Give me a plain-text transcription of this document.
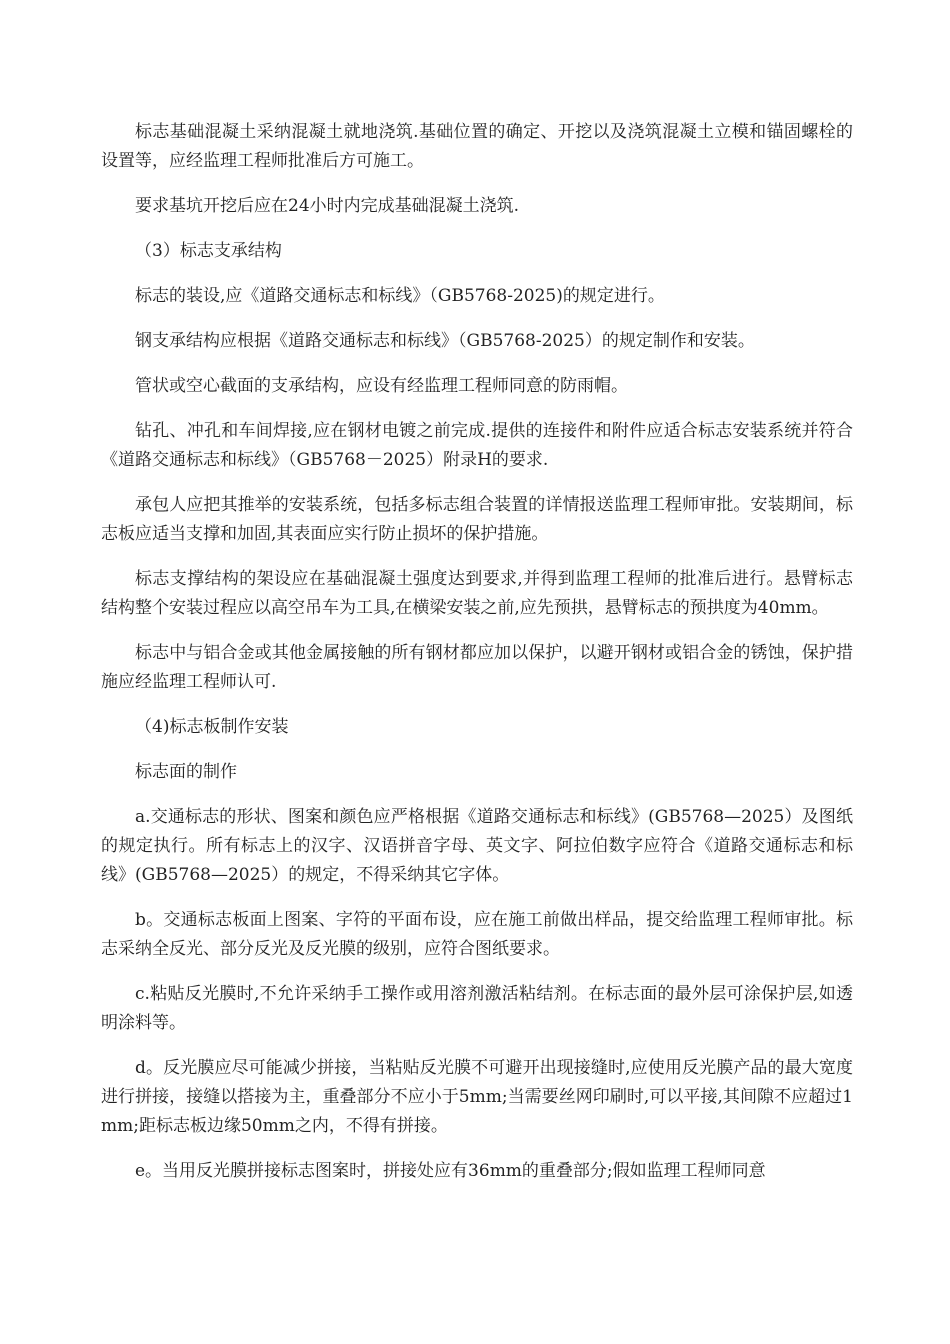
标志基础混凝土采纳混凝土就地浇筑.基础位置的确定、开挖以及浇筑混凝土立模和锚固螺栓的设置等，应经监理工程师批准后方可施工。

要求基坑开挖后应在24小时内完成基础混凝土浇筑.

（3）标志支承结构

标志的装设,应《道路交通标志和标线》（GB5768-2025)的规定进行。

钢支承结构应根据《道路交通标志和标线》（GB5768-2025）的规定制作和安装。

管状或空心截面的支承结构，应设有经监理工程师同意的防雨帽。

钻孔、冲孔和车间焊接,应在钢材电镀之前完成.提供的连接件和附件应适合标志安装系统并符合《道路交通标志和标线》（GB5768－2025）附录H的要求.

承包人应把其推举的安装系统，包括多标志组合装置的详情报送监理工程师审批。安装期间，标志板应适当支撑和加固,其表面应实行防止损坏的保护措施。

标志支撑结构的架设应在基础混凝土强度达到要求,并得到监理工程师的批准后进行。悬臂标志结构整个安装过程应以高空吊车为工具,在横梁安装之前,应先预拱，悬臂标志的预拱度为40mm。

标志中与铝合金或其他金属接触的所有钢材都应加以保护，以避开钢材或铝合金的锈蚀，保护措施应经监理工程师认可.

（4)标志板制作安装

标志面的制作

a.交通标志的形状、图案和颜色应严格根据《道路交通标志和标线》(GB5768—2025）及图纸的规定执行。所有标志上的汉字、汉语拼音字母、英文字、阿拉伯数字应符合《道路交通标志和标线》(GB5768—2025）的规定，不得采纳其它字体。

b。交通标志板面上图案、字符的平面布设，应在施工前做出样品，提交给监理工程师审批。标志采纳全反光、部分反光及反光膜的级别，应符合图纸要求。

c.粘贴反光膜时,不允许采纳手工操作或用溶剂激活粘结剂。在标志面的最外层可涂保护层,如透明涂料等。

d。反光膜应尽可能减少拼接，当粘贴反光膜不可避开出现接缝时,应使用反光膜产品的最大宽度进行拼接，接缝以搭接为主，重叠部分不应小于5mm;当需要丝网印刷时,可以平接,其间隙不应超过1mm;距标志板边缘50mm之内，不得有拼接。

e。当用反光膜拼接标志图案时，拼接处应有36mm的重叠部分;假如监理工程师同意
